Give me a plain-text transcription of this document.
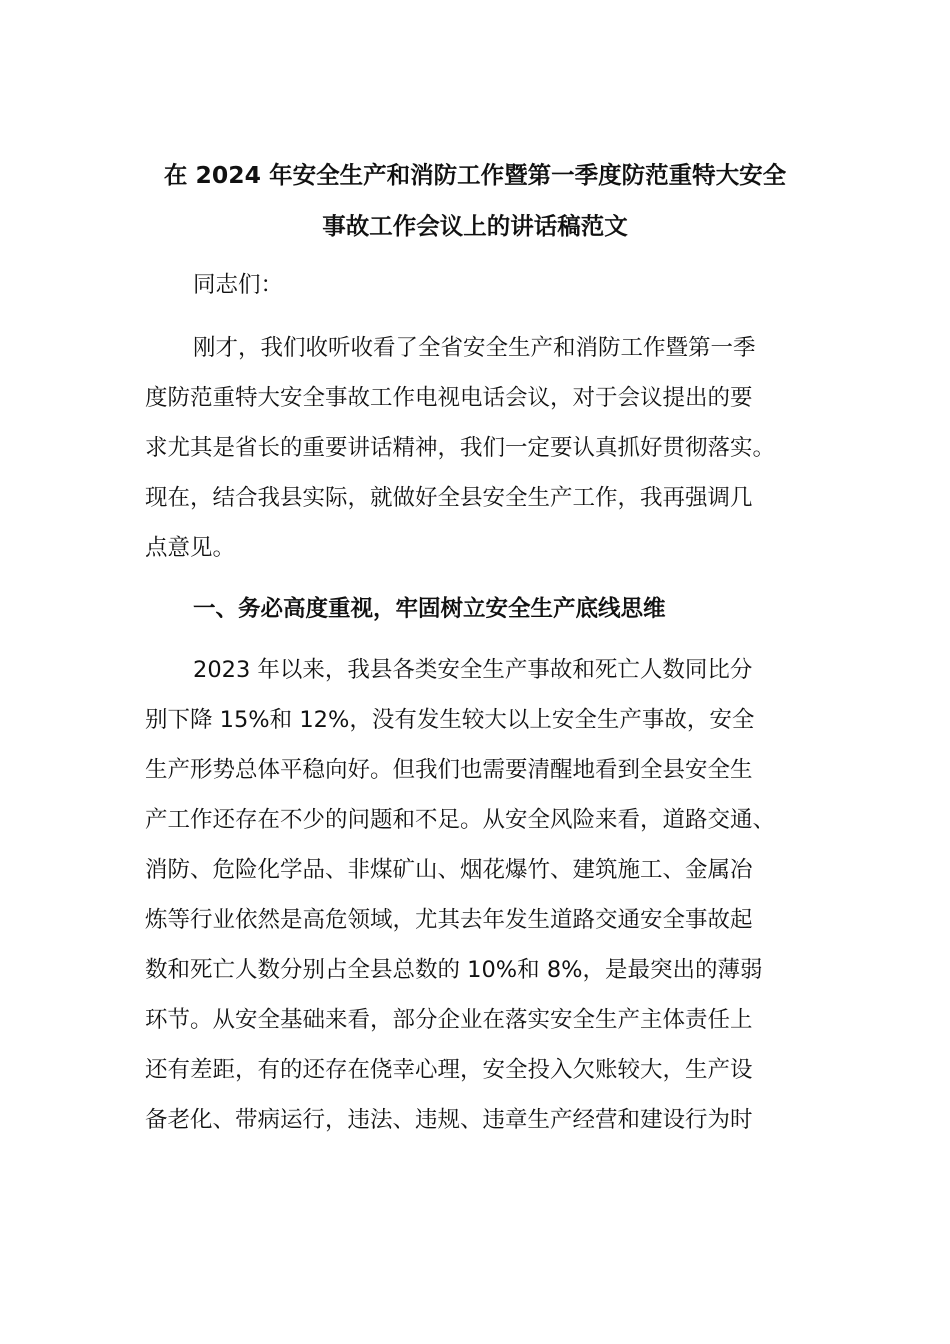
在 2024 年安全生产和消防工作暨第一季度防范重特大安全
事故工作会议上的讲话稿范文
同志们：
刚才，我们收听收看了全省安全生产和消防工作暨第一季
度防范重特大安全事故工作电视电话会议，对于会议提出的要
求尤其是省长的重要讲话精神，我们一定要认真抓好贯彻落实。
现在，结合我县实际，就做好全县安全生产工作，我再强调几
点意见。
一、务必高度重视，牢固树立安全生产底线思维
2023 年以来，我县各类安全生产事故和死亡人数同比分
别下降 15%和 12%，没有发生较大以上安全生产事故，安全
生产形势总体平稳向好。但我们也需要清醒地看到全县安全生
产工作还存在不少的问题和不足。从安全风险来看，道路交通、
消防、危险化学品、非煤矿山、烟花爆竹、建筑施工、金属冶
炼等行业依然是高危领域，尤其去年发生道路交通安全事故起
数和死亡人数分别占全县总数的 10%和 8%，是最突出的薄弱
环节。从安全基础来看，部分企业在落实安全生产主体责任上
还有差距，有的还存在侥幸心理，安全投入欠账较大，生产设
备老化、带病运行，违法、违规、违章生产经营和建设行为时
